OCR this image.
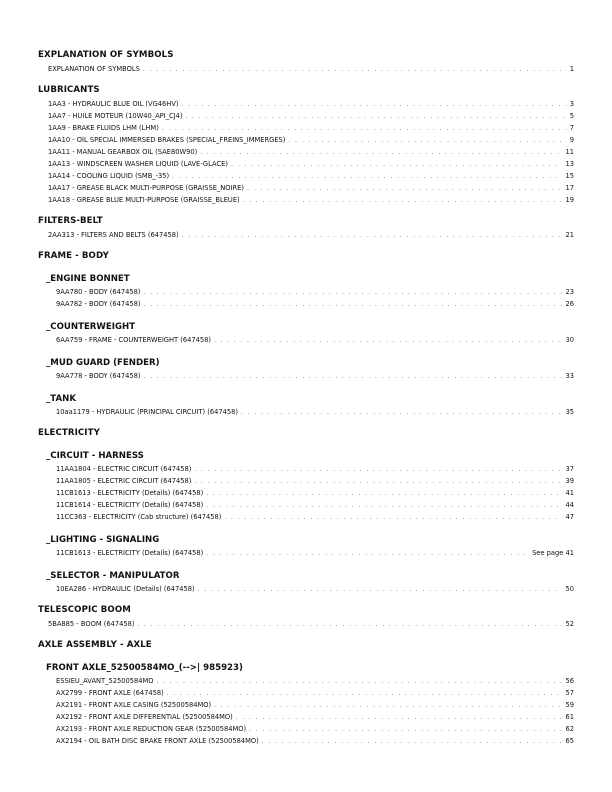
EXPLANATION OF SYMBOLS
EXPLANATION OF SYMBOLS . . .	1
LUBRICANTS
1AA3 - HYDRAULIC BLUE OIL (VG46HV) . . .	3
1AA7 - HUILE MOTEUR (10W40_API_CJ4) . . .	5
1AA9 - BRAKE FLUIDS LHM (LHM) . . .	7
1AA10 - OIL SPECIAL IMMERSED BRAKES (SPECIAL_FREINS_IMMERGES) . . .	9
1AA11 - MANUAL GEARBOX OIL (SAE80W90) . . .	11
1AA13 - WINDSCREEN WASHER LIQUID (LAVE-GLACE) . . .	13
1AA14 - COOLING LIQUID (SMB_-35) . . .	15
1AA17 - GREASE BLACK MULTI-PURPOSE (GRAISSE_NOIRE) . . .	17
1AA18 - GREASE BLUE MULTI-PURPOSE (GRAISSE_BLEUE) . . .	19
FILTERS-BELT
2AA313 - FILTERS AND BELTS (647458) . . .	21
FRAME - BODY
_ENGINE BONNET
9AA780 - BODY (647458) . . .	23
9AA782 - BODY (647458) . . .	26
_COUNTERWEIGHT
6AA759 - FRAME - COUNTERWEIGHT (647458) . . .	30
_MUD GUARD (FENDER)
9AA778 - BODY (647458) . . .	33
_TANK
10aa1179 - HYDRAULIC (PRINCIPAL CIRCUIT) (647458) . . .	35
ELECTRICITY
_CIRCUIT - HARNESS
11AA1804 - ELECTRIC CIRCUIT (647458) . . .	37
11AA1805 - ELECTRIC CIRCUIT (647458) . . .	39
11CB1613 - ELECTRICITY (Details) (647458) . . .	41
11CB1614 - ELECTRICITY (Details) (647458) . . .	44
11CC363 - ELECTRICITY (Cab structure) (647458) . . .	47
_LIGHTING - SIGNALING
11CB1613 - ELECTRICITY (Details) (647458) . . .	See page 41
_SELECTOR - MANIPULATOR
10EA286 - HYDRAULIC (Details) (647458) . . .	50
TELESCOPIC BOOM
5BA885 - BOOM (647458) . . .	52
AXLE ASSEMBLY - AXLE
FRONT AXLE_52500584MO_(-->| 985923)
ESSIEU_AVANT_52500584MO . . .	56
AX2799 - FRONT AXLE (647458) . . .	57
AX2191 - FRONT AXLE CASING (52500584MO) . . .	59
AX2192 - FRONT AXLE DIFFERENTIAL (52500584MO) . . .	61
AX2193 - FRONT AXLE REDUCTION GEAR (52500584MO) . . .	62
AX2194 - OIL BATH DISC BRAKE FRONT AXLE (52500584MO) . . .	65
